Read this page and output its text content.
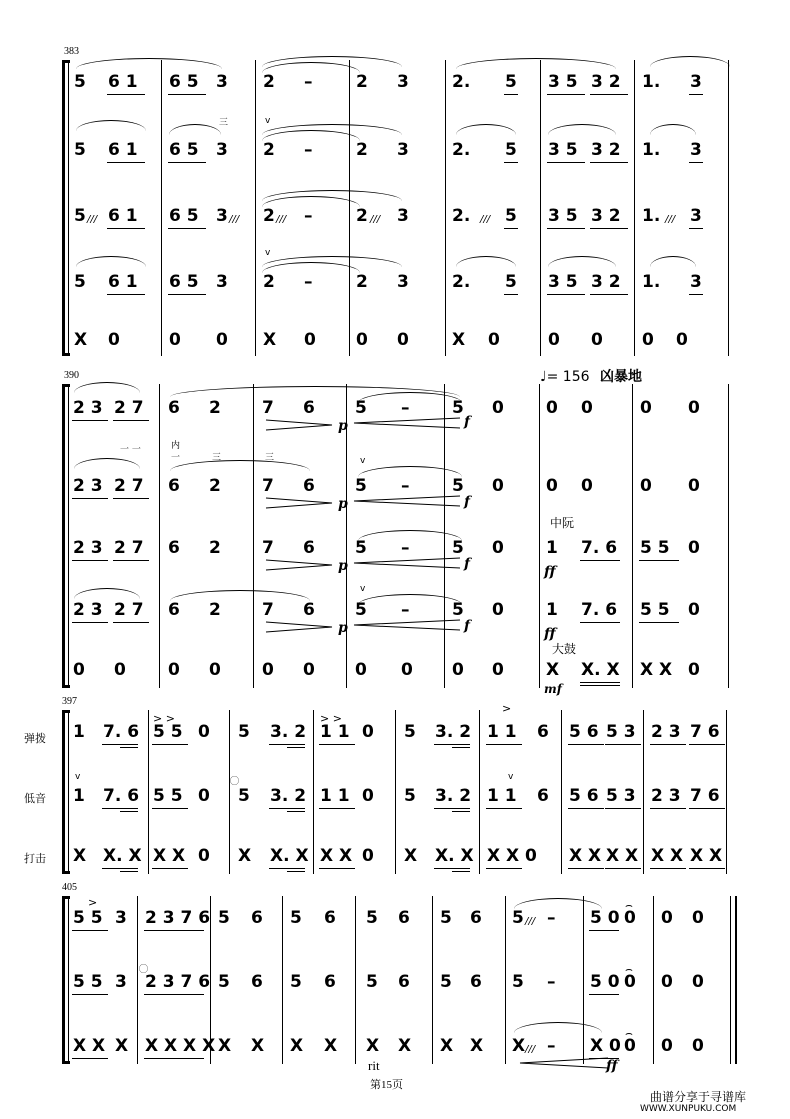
383
5 6 1 6 5 3 2 –	2 3	2. 5 3 5 3 2 1. 3
三	v
5 6 1 6 5 3 2 –	2 3	2. 5 3 5 3 2 1. 3
5 /// 6 1 6 5 3 /// 2 /// –	2 /// 3	2. /// 5 3 5 3 2 1. /// 3
v
5 6 1 6 5 3 2 –	2 3	2. 5 3 5 3 2 1. 3
X 0	0 0 X 0 0 0	X 0	0 0 0 0
390	♩= 156 凶暴地
2 3 2 7 6 2 7 6 5 –	5 0 0 0	0 0
p	f
内
一 一
一	三	三	v
2 3 2 7 6 2 7 6 5 –	5 0 0 0	0 0
p	f
中阮
2 3 2 7 6 2 7 6 5 –	5 0 1 7. 6 5 5 0
ff
p	f
v
2 3 2 7 6 2 7 6 5 –	5 0 1 7. 6 5 5 0
p	f	ff
大鼓
0 0 0 0 0 0 0 0 0 0 X X. X X X 0
mf
397
弹拨
低音
打击
> >	> >
>
1 7. 6 5 5 0 5 3. 2 1 1 0 5 3. 2 1 1 6 5 6 5 3 2 3 7 6
v	v
1 7. 6 5 5 0 5 3. 2 1 1 0 5 3. 2 1 1 6 5 6 5 3 2 3 7 6
X X. X X X 0 X X. X X X 0 X X. X X X 0 X X X X X X X X
405
>	⌢
5 5 3 2 3 7 6 5 6 5 6 5 6 5 6 5 /// – 5 0 0 0 0
⌢
5 5 3 2 3 7 6 5 6 5 6 5 6 5 6 5 – 5 0 0 0 0
⌢
X X X X X X X X X X X X X X X X /// – X 0 0 0 0
rit	ff
第15页
曲谱分享于寻谱库
WWW.XUNPUKU.COM
